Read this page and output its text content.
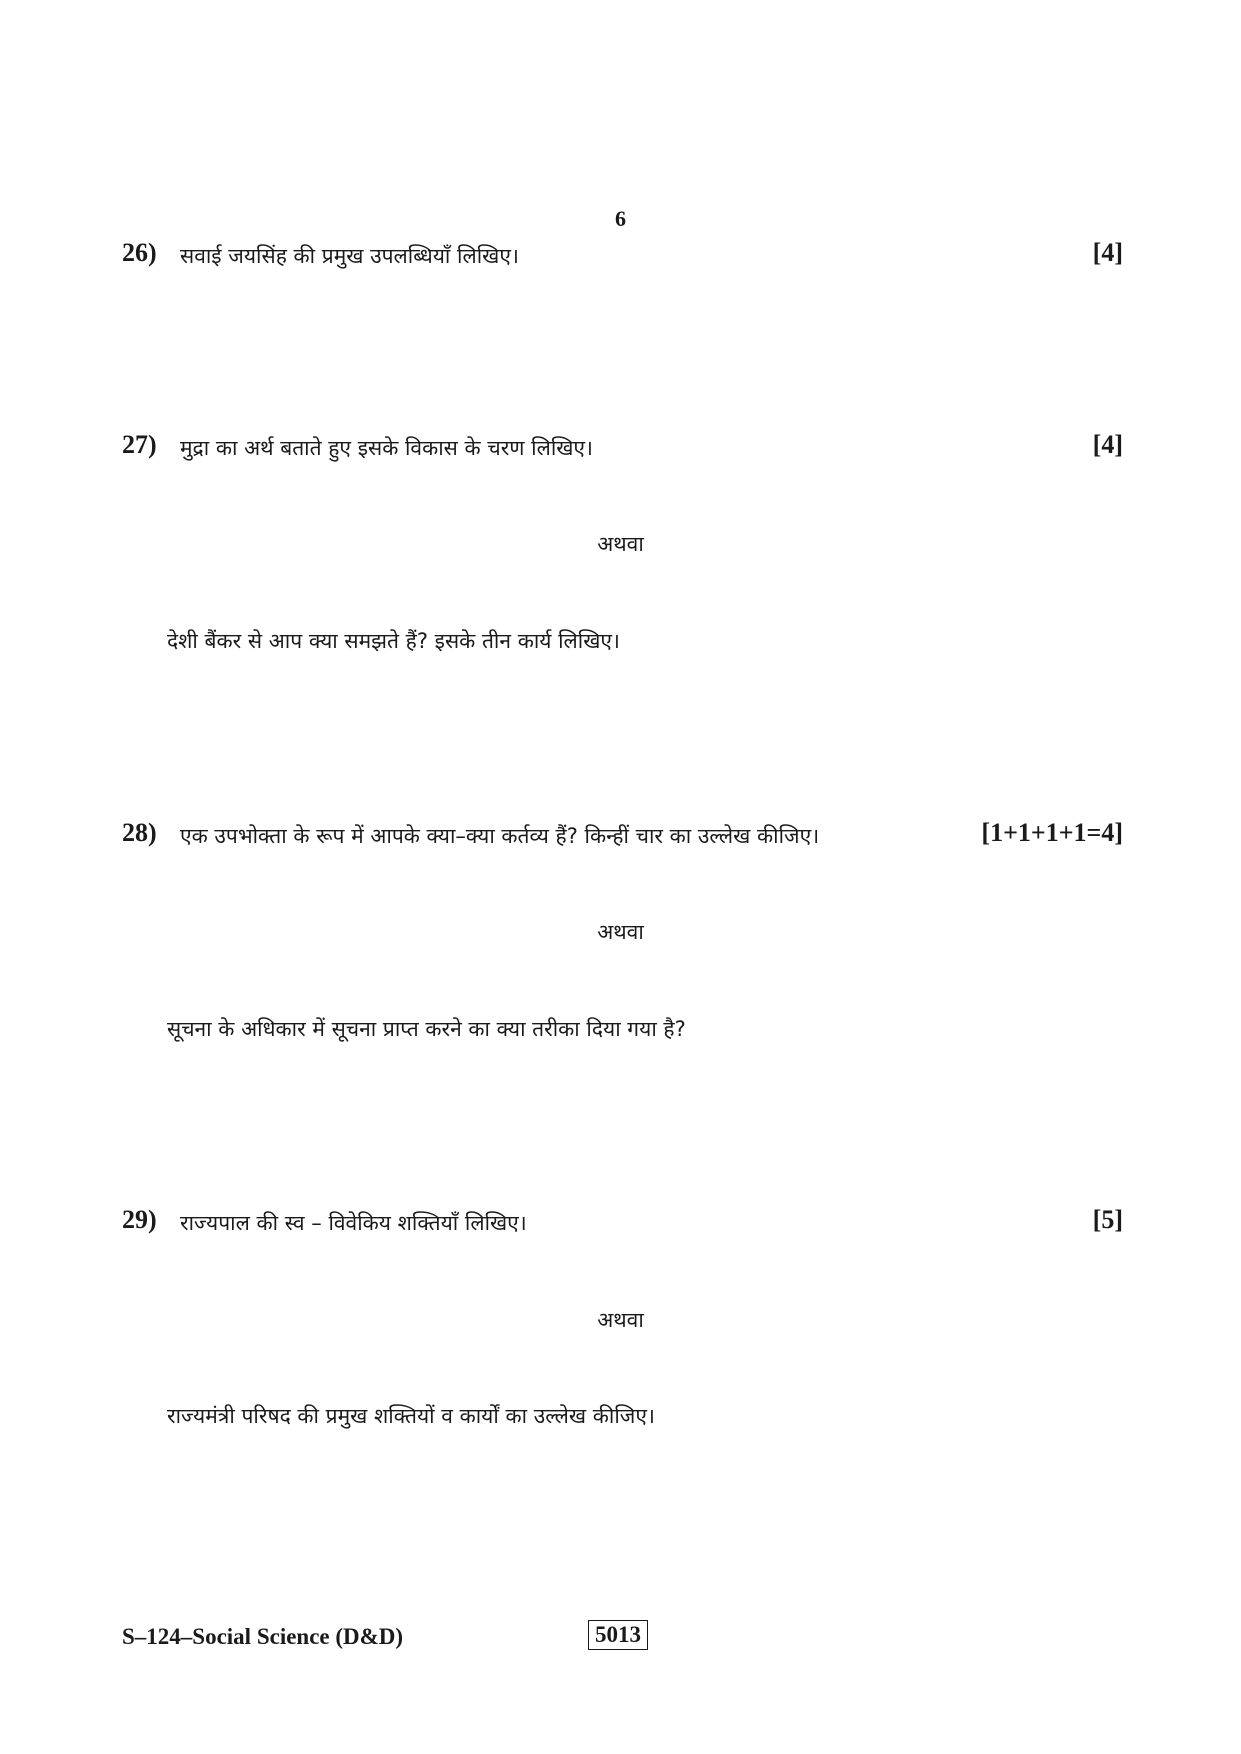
6
26) सवाई जयसिंह की प्रमुख उपलब्धियाँ लिखिए।	[4]
27) मुद्रा का अर्थ बताते हुए इसके विकास के चरण लिखिए।	[4]
अथवा
देशी बैंकर से आप क्या समझते हैं? इसके तीन कार्य लिखिए।
28) एक उपभोक्ता के रूप में आपके क्या–क्या कर्तव्य हैं? किन्हीं चार का उल्लेख कीजिए।	[1+1+1+1=4]
अथवा
सूचना के अधिकार में सूचना प्राप्त करने का क्या तरीका दिया गया है?
29) राज्यपाल की स्व – विवेकिय शक्तियाँ लिखिए।	[5]
अथवा
राज्यमंत्री परिषद की प्रमुख शक्तियों व कार्यों का उल्लेख कीजिए।
S–124–Social Science (D&D)	5013
